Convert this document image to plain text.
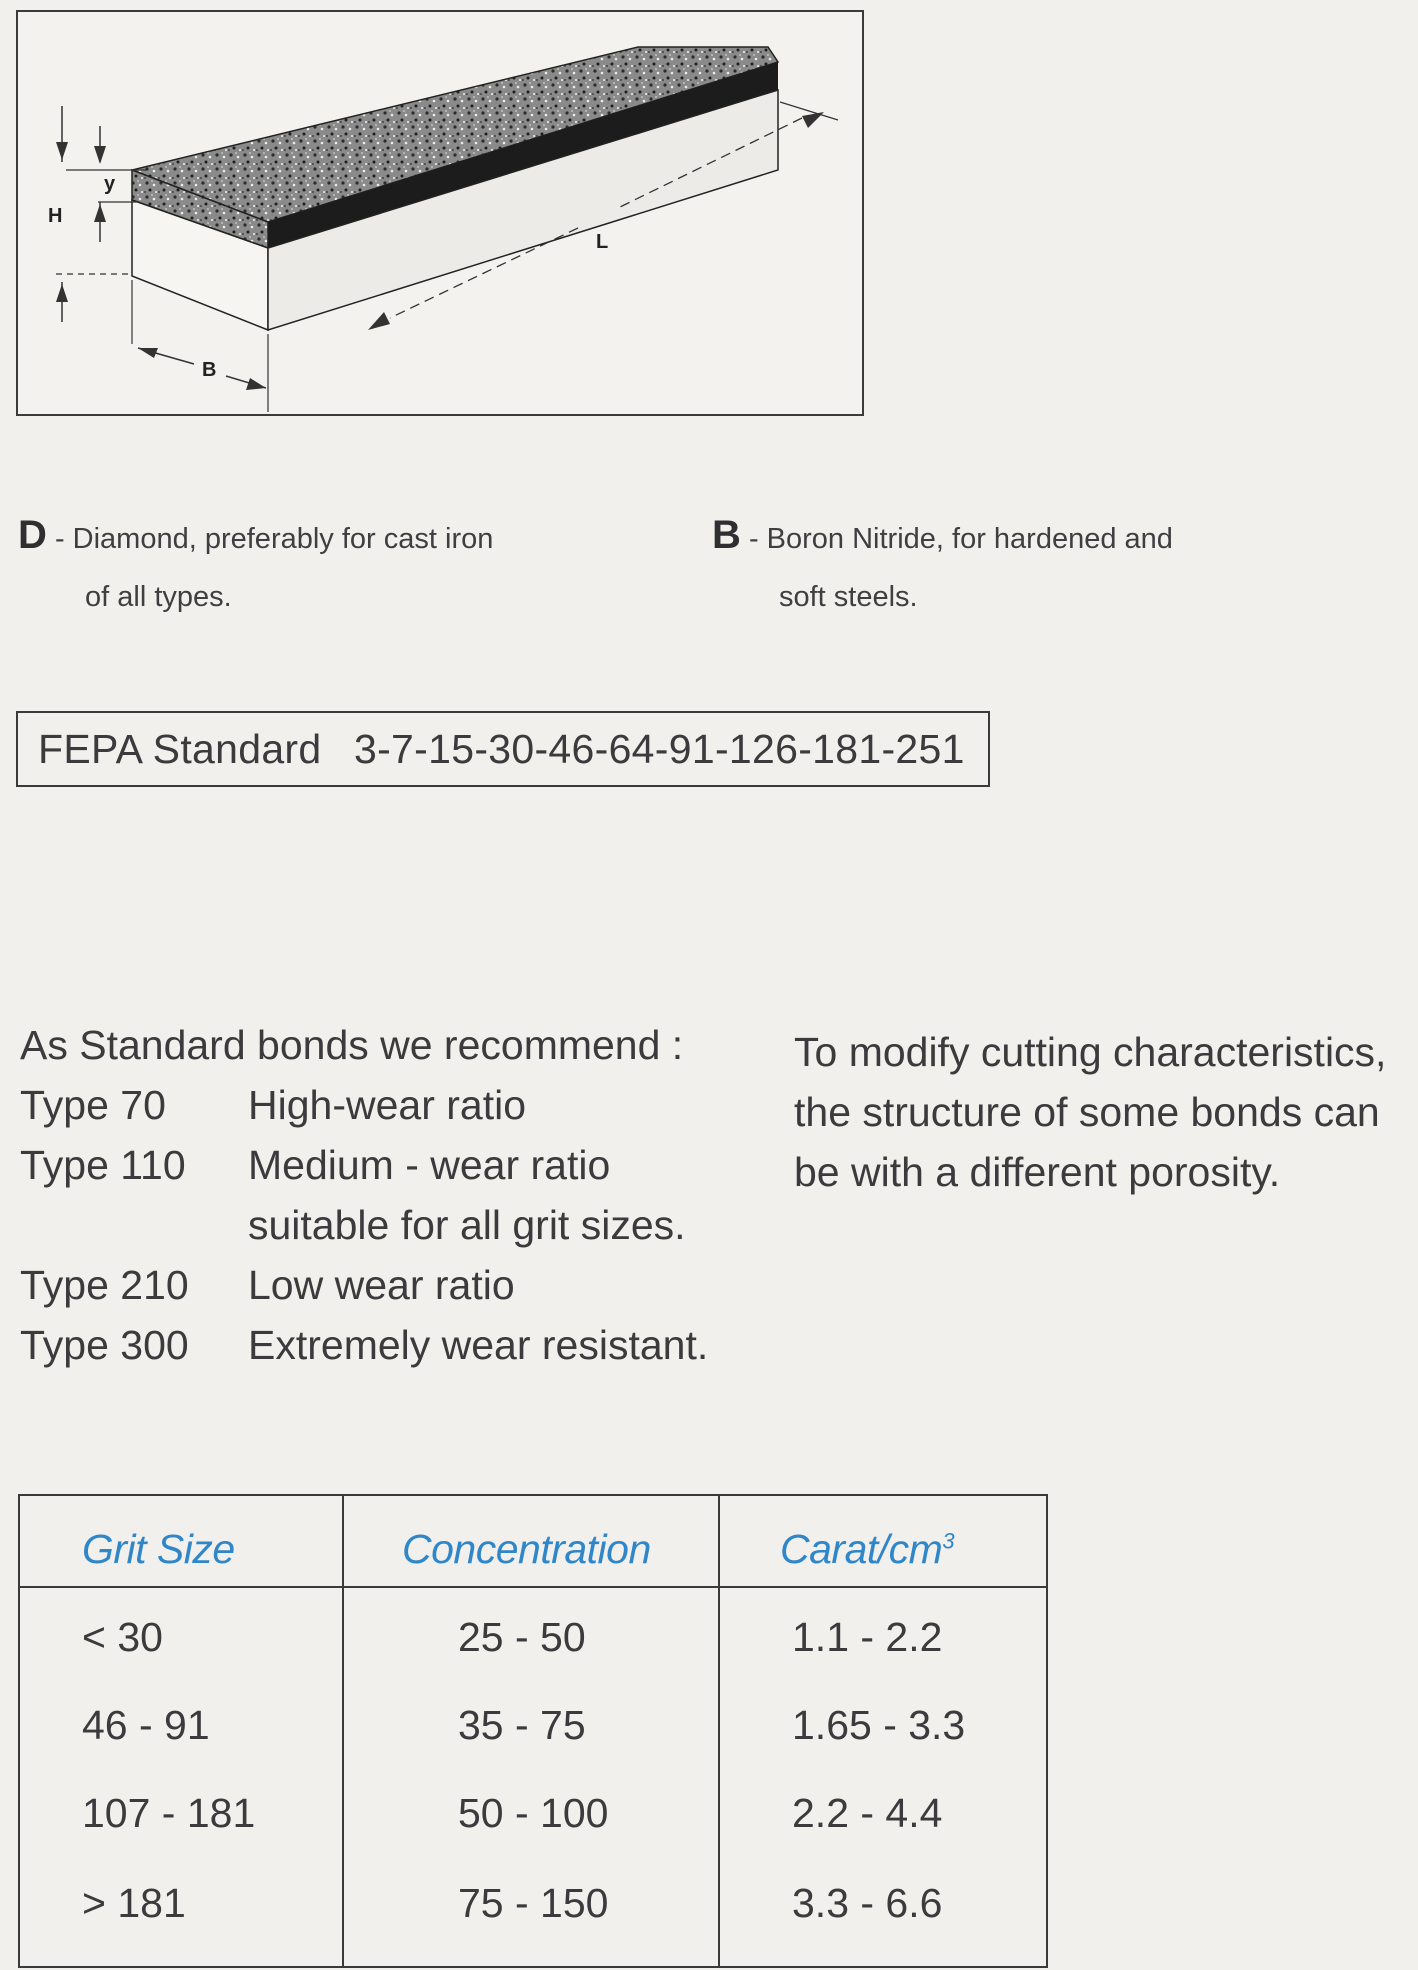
y
H
B
L
D - Diamond, preferably for cast iron
of all types.
B - Boron Nitride, for hardened and
soft steels.
FEPA Standard 3-7-15-30-46-64-91-126-181-251
As Standard bonds we recommend :
Type 70 High-wear ratio
Type 110 Medium - wear ratio
suitable for all grit sizes.
Type 210 Low wear ratio
Type 300 Extremely wear resistant.
To modify cutting characteristics,
the structure of some bonds can
be with a different porosity.
Grit Size	Concentration	Carat/$cm^3$
< 30	25 - 50	1.1 - 2.2
46 - 91	35 - 75	1.65 - 3.3
107 - 181	50 - 100	2.2 - 4.4
> 181	75 - 150	3.3 - 6.6
